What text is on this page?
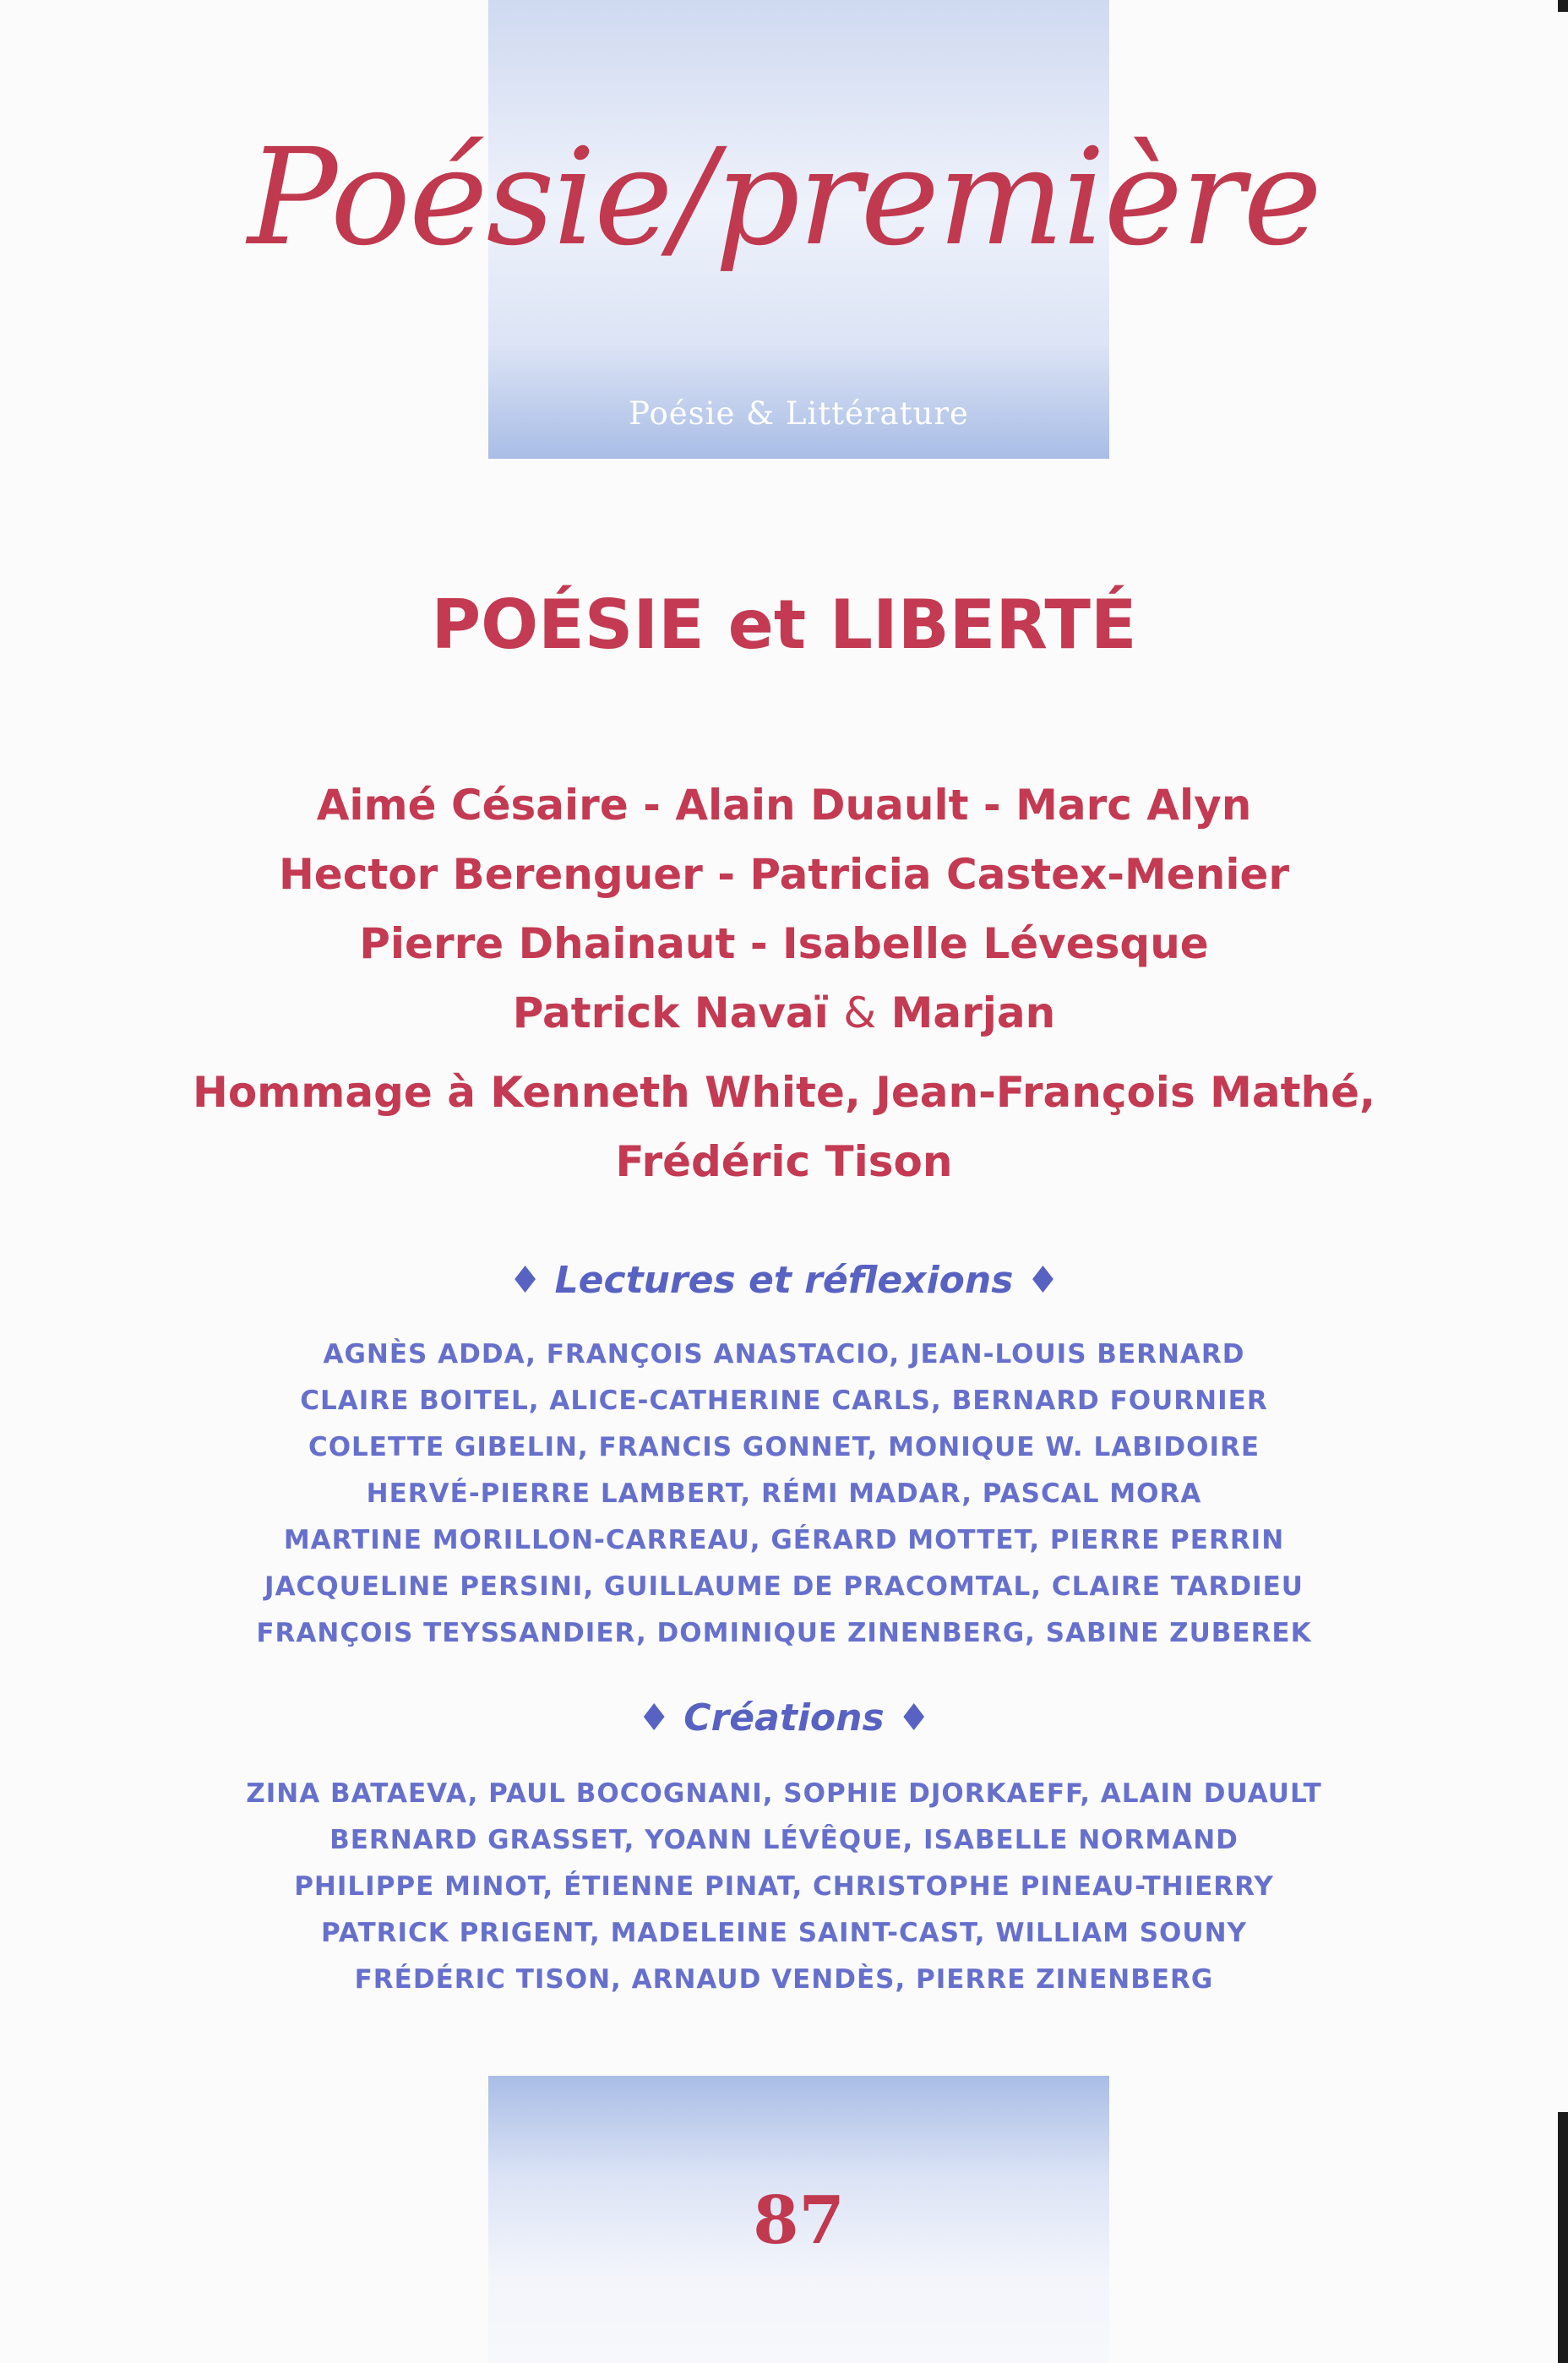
Poésie/première
Poésie & Littérature
POÉSIE et LIBERTÉ
Aimé Césaire - Alain Duault - Marc Alyn
Hector Berenguer - Patricia Castex-Menier
Pierre Dhainaut - Isabelle Lévesque
Patrick Navaï & Marjan
Hommage à Kenneth White, Jean-François Mathé,
Frédéric Tison
♦ Lectures et réflexions ♦
AGNÈS ADDA, FRANÇOIS ANASTACIO, JEAN-LOUIS BERNARD
CLAIRE BOITEL, ALICE-CATHERINE CARLS, BERNARD FOURNIER
COLETTE GIBELIN, FRANCIS GONNET, MONIQUE W. LABIDOIRE
HERVÉ-PIERRE LAMBERT, RÉMI MADAR, PASCAL MORA
MARTINE MORILLON-CARREAU, GÉRARD MOTTET, PIERRE PERRIN
JACQUELINE PERSINI, GUILLAUME DE PRACOMTAL, CLAIRE TARDIEU
FRANÇOIS TEYSSANDIER, DOMINIQUE ZINENBERG, SABINE ZUBEREK
♦ Créations ♦
ZINA BATAEVA, PAUL BOCOGNANI, SOPHIE DJORKAEFF, ALAIN DUAULT
BERNARD GRASSET, YOANN LÉVÊQUE, ISABELLE NORMAND
PHILIPPE MINOT, ÉTIENNE PINAT, CHRISTOPHE PINEAU-THIERRY
PATRICK PRIGENT, MADELEINE SAINT-CAST, WILLIAM SOUNY
FRÉDÉRIC TISON, ARNAUD VENDÈS, PIERRE ZINENBERG
87
